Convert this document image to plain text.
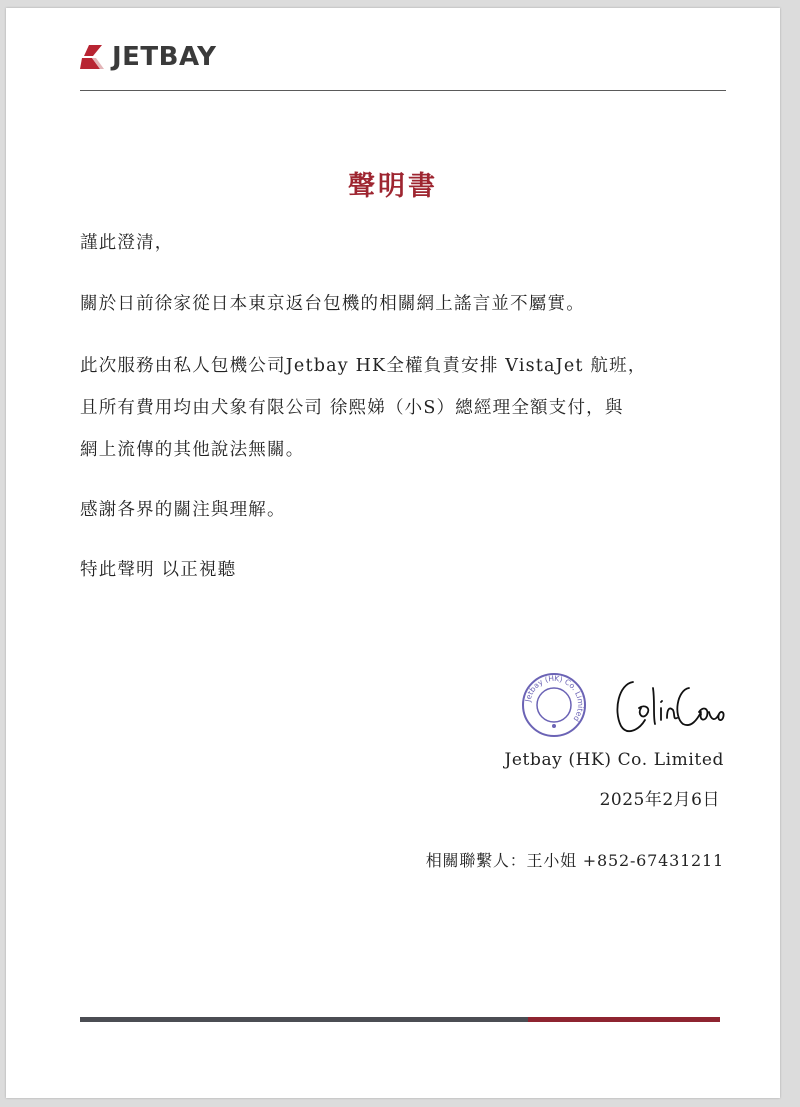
JETBAY
聲明書

謹此澄清，

關於日前徐家從日本東京返台包機的相關網上謠言並不屬實。

此次服務由私人包機公司Jetbay HK全權負責安排 VistaJet 航班，

且所有費用均由犬象有限公司 徐熙娣（小S）總經理全額支付，與

網上流傳的其他說法無關。

感謝各界的關注與理解。

特此聲明 以正視聽

Jetbay (HK) Co. Limited
Jetbay (HK) Co. Limited
2025年2月6日
相關聯繫人：王小姐 +852-67431211
